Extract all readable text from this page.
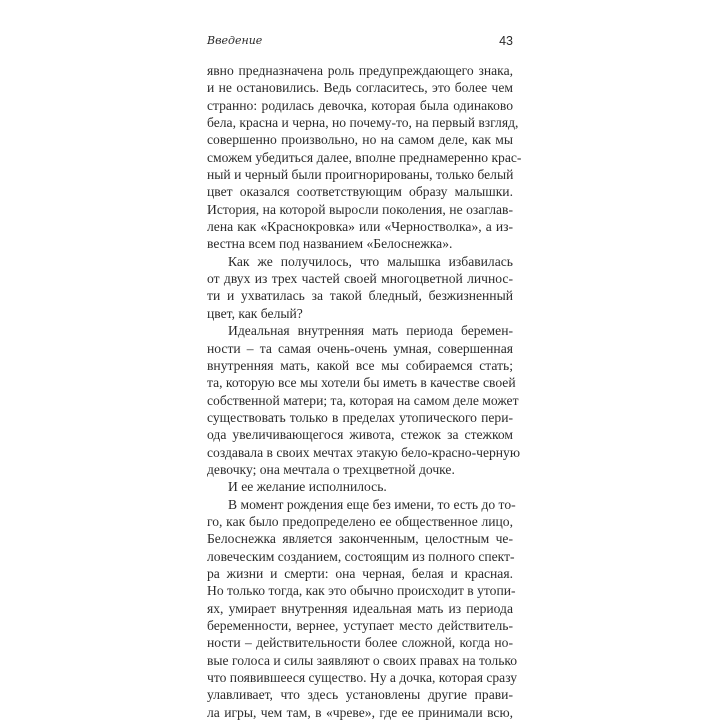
Введение	43
явно предназначена роль предупреждающего знака,
и не остановились. Ведь согласитесь, это более чем
странно: родилась девочка, которая была одинаково
бела, красна и черна, но почему-то, на первый взгляд,
совершенно произвольно, но на самом деле, как мы
сможем убедиться далее, вполне преднамеренно крас-
ный и черный были проигнорированы, только белый
цвет оказался соответствующим образу малышки.
История, на которой выросли поколения, не озаглав-
лена как «Краснокровка» или «Черностволка», а из-
вестна всем под названием «Белоснежка».
Как же получилось, что малышка избавилась
от двух из трех частей своей многоцветной личнос-
ти и ухватилась за такой бледный, безжизненный
цвет, как белый?
Идеальная внутренняя мать периода беремен-
ности – та самая очень-очень умная, совершенная
внутренняя мать, какой все мы собираемся стать;
та, которую все мы хотели бы иметь в качестве своей
собственной матери; та, которая на самом деле может
существовать только в пределах утопического пери-
ода увеличивающегося живота, стежок за стежком
создавала в своих мечтах этакую бело-красно-черную
девочку; она мечтала о трехцветной дочке.
И ее желание исполнилось.
В момент рождения еще без имени, то есть до то-
го, как было предопределено ее общественное лицо,
Белоснежка является законченным, целостным че-
ловеческим созданием, состоящим из полного спект-
ра жизни и смерти: она черная, белая и красная.
Но только тогда, как это обычно происходит в утопи-
ях, умирает внутренняя идеальная мать из периода
беременности, вернее, уступает место действитель-
ности – действительности более сложной, когда но-
вые голоса и силы заявляют о своих правах на только
что появившееся существо. Ну а дочка, которая сразу
улавливает, что здесь установлены другие прави-
ла игры, чем там, в «чреве», где ее принимали всю,
